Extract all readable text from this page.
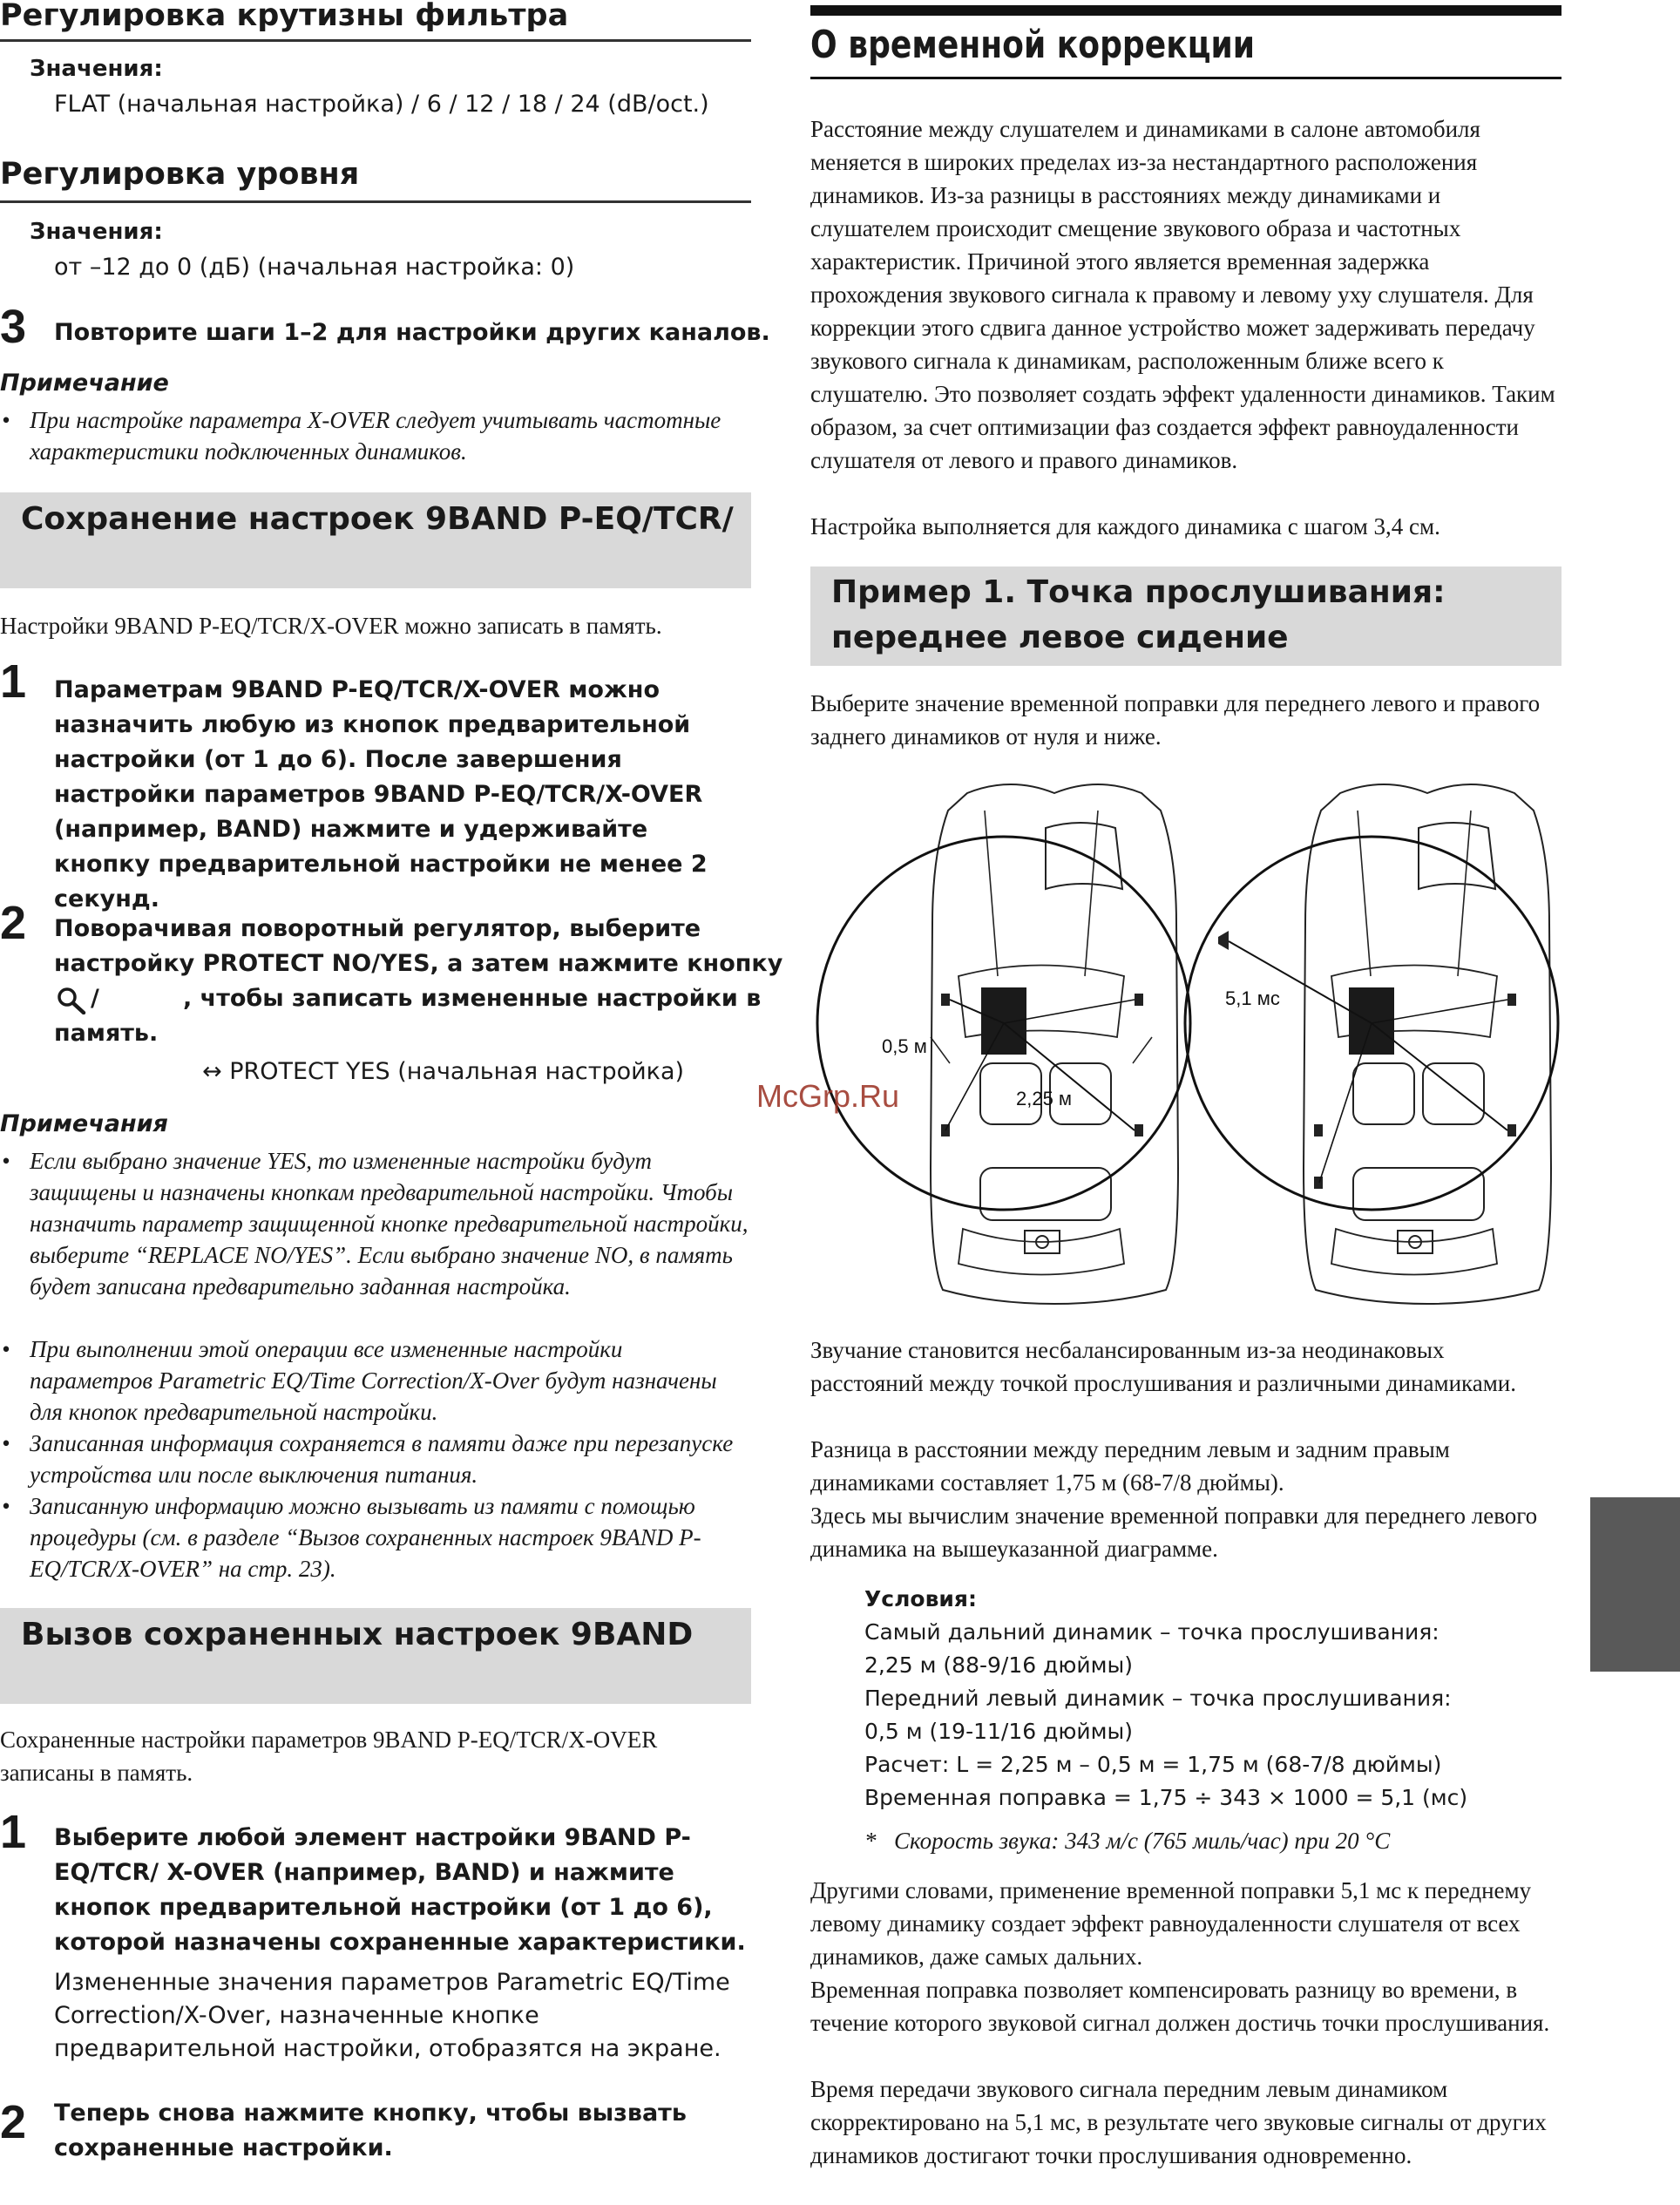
Регулировка крутизны фильтра
Значения:
FLAT (начальная настройка) / 6 / 12 / 18 / 24 (dB/oct.)
Регулировка уровня
Значения:
от –12 до 0 (дБ) (начальная настройка: 0)
3 Повторите шаги 1–2 для настройки других каналов.
Примечание
• При настройке параметра X-OVER следует учитывать частотные характеристики подключенных динамиков.
Сохранение настроек 9BAND P-EQ/TCR/
Настройки 9BAND P-EQ/TCR/X-OVER можно записать в память.
1 Параметрам 9BAND P-EQ/TCR/X-OVER можно назначить любую из кнопок предварительной настройки (от 1 до 6). После завершения настройки параметров 9BAND P-EQ/TCR/X-OVER (например, BAND) нажмите и удерживайте кнопку предварительной настройки не менее 2 секунд.
2 Поворачивая поворотный регулятор, выберите
настройку PROTECT NO/YES, а затем нажмите кнопку
/	, чтобы записать измененные настройки в
память.
↔ PROTECT YES (начальная настройка)
Примечания
• Если выбрано значение YES, то измененные настройки будут защищены и назначены кнопкам предварительной настройки. Чтобы назначить параметр защищенной кнопке предварительной настройки, выберите “REPLACE NO/YES”. Если выбрано значение NO, в память будет записана предварительно заданная настройка.
• При выполнении этой операции все измененные настройки параметров Parametric EQ/Time Correction/X-Over будут назначены для кнопок предварительной настройки.
• Записанная информация сохраняется в памяти даже при перезапуске устройства или после выключения питания.
• Записанную информацию можно вызывать из памяти с помощью процедуры (см. в разделе “Вызов сохраненных настроек 9BAND P-EQ/TCR/X-OVER” на стр. 23).
Вызов сохраненных настроек 9BAND
Сохраненные настройки параметров 9BAND P-EQ/TCR/X-OVER записаны в память.
1 Выберите любой элемент настройки 9BAND P-EQ/TCR/ X-OVER (например, BAND) и нажмите кнопок предварительной настройки (от 1 до 6), которой назначены сохраненные характеристики.
Измененные значения параметров Parametric EQ/Time Correction/X-Over, назначенные кнопке предварительной настройки, отобразятся на экране.
2 Теперь снова нажмите кнопку, чтобы вызвать сохраненные настройки.
О временной коррекции
Расстояние между слушателем и динамиками в салоне автомобиля меняется в широких пределах из-за нестандартного расположения динамиков. Из-за разницы в расстояниях между динамиками и слушателем происходит смещение звукового образа и частотных характеристик. Причиной этого является временная задержка прохождения звукового сигнала к правому и левому уху слушателя. Для коррекции этого сдвига данное устройство может задерживать передачу звукового сигнала к динамикам, расположенным ближе всего к слушателю. Это позволяет создать эффект удаленности динамиков. Таким образом, за счет оптимизации фаз создается эффект равноудаленности слушателя от левого и правого динамиков.
Настройка выполняется для каждого динамика с шагом 3,4 см.
Пример 1. Точка прослушивания:
переднее левое сидение
Выберите значение временной поправки для переднего левого и правого заднего динамиков от нуля и ниже.
0,5 м
2,25 м
5,1 мс
McGrp.Ru
Звучание становится несбалансированным из-за неодинаковых расстояний между точкой прослушивания и различными динамиками.
Разница в расстоянии между передним левым и задним правым динамиками составляет 1,75 м (68-7/8 дюймы).
Здесь мы вычислим значение временной поправки для переднего левого динамика на вышеуказанной диаграмме.
Условия:
Самый дальний динамик – точка прослушивания:
2,25 м (88-9/16 дюймы)
Передний левый динамик – точка прослушивания:
0,5 м (19-11/16 дюймы)
Расчет: L = 2,25 м – 0,5 м = 1,75 м (68-7/8 дюймы)
Временная поправка = 1,75 ÷ 343 × 1000 = 5,1 (мс)
* Скорость звука: 343 м/с (765 миль/час) при 20 °C
Другими словами, применение временной поправки 5,1 мс к переднему левому динамику создает эффект равноудаленности слушателя от всех динамиков, даже самых дальних.
Временная поправка позволяет компенсировать разницу во времени, в течение которого звуковой сигнал должен достичь точки прослушивания.
Время передачи звукового сигнала передним левым динамиком скорректировано на 5,1 мс, в результате чего звуковые сигналы от других динамиков достигают точки прослушивания одновременно.
